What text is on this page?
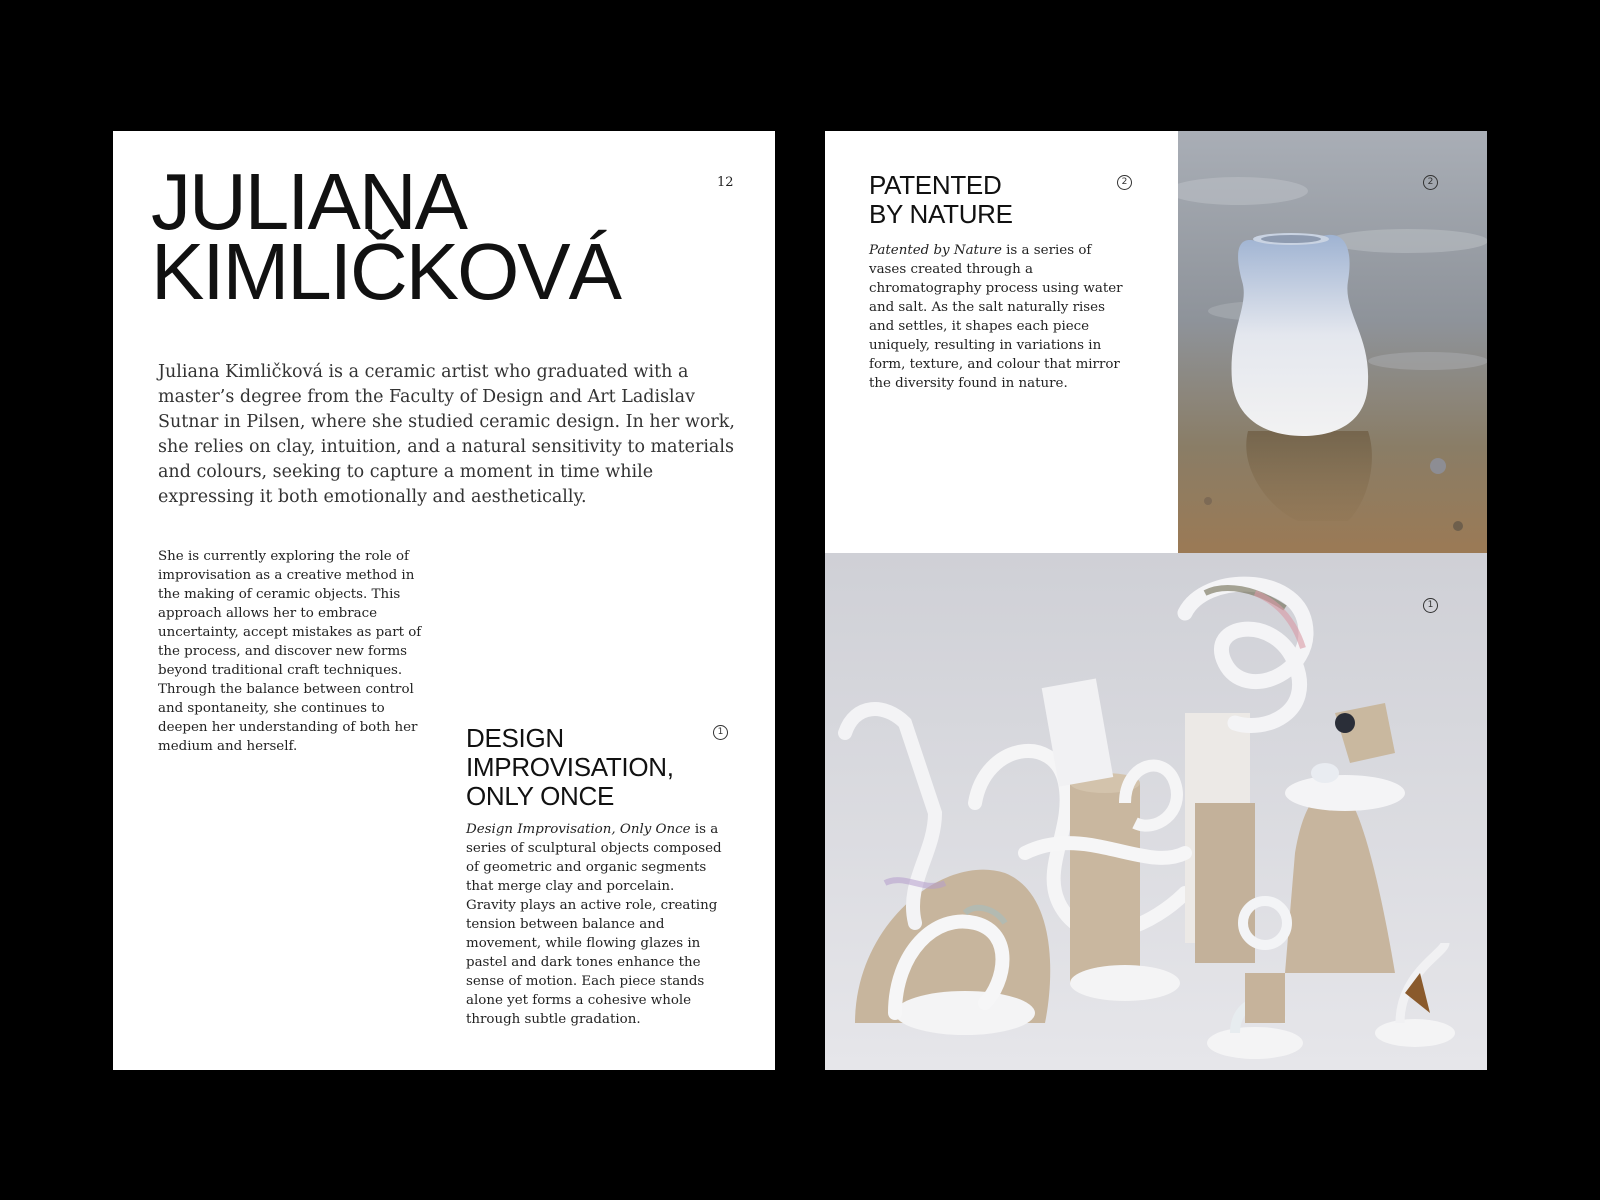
12
JULIANA
KIMLIČKOVÁ

Juliana Kimličková is a ceramic artist who graduated with a master’s degree from the Faculty of Design and Art Ladislav Sutnar in Pilsen, where she studied ceramic design. In her work, she relies on clay, intuition, and a natural sensitivity to materials and colours, seeking to capture a moment in time while expressing it both emotionally and aesthetically.

She is currently exploring the role of improvisation as a creative method in the making of ceramic objects. This approach allows her to embrace uncertainty, accept mistakes as part of the process, and discover new forms beyond traditional craft techniques. Through the balance between control and spontaneity, she continues to deepen her understanding of both her medium and herself.	DESIGN
IMPROVISATION,
ONLY ONCE
1

Design Improvisation, Only Once is a series of sculptural objects composed of geometric and organic segments that merge clay and porcelain. Gravity plays an active role, creating tension between balance and movement, while flowing glazes in pastel and dark tones enhance the sense of motion. Each piece stands alone yet forms a cohesive whole through subtle gradation.

PATENTED
BY NATURE
2

Patented by Nature is a series of vases created through a chromatography process using water and salt. As the salt naturally rises and settles, it shapes each piece uniquely, resulting in variations in form, texture, and colour that mirror the diversity found in nature.

2
1
